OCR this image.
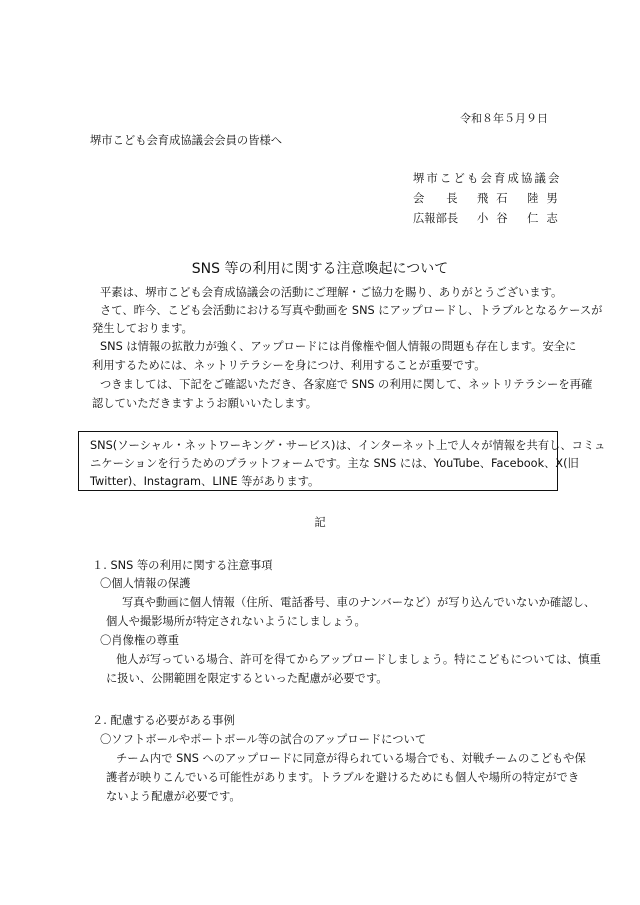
令和８年５月９日
堺市こども会育成協議会会員の皆様へ
堺市こども会育成協議会
会長飛石 陸男
広報部長 小谷 仁志
SNS 等の利用に関する注意喚起について
平素は、堺市こども会育成協議会の活動にご理解・ご協力を賜り、ありがとうございます。
さて、昨今、こども会活動における写真や動画を SNS にアップロードし、トラブルとなるケースが
発生しております。
SNS は情報の拡散力が強く、アップロードには肖像権や個人情報の問題も存在します。安全に
利用するためには、ネットリテラシーを身につけ、利用することが重要です。
つきましては、下記をご確認いただき、各家庭で SNS の利用に関して、ネットリテラシーを再確
認していただきますようお願いいたします。
SNS(ソーシャル・ネットワーキング・サービス)は、インターネット上で人々が情報を共有し、コミュ
ニケーションを行うためのプラットフォームです。主な SNS には、YouTube、Facebook、X(旧
Twitter)、Instagram、LINE 等があります。
記
１. SNS 等の利用に関する注意事項
〇個人情報の保護
写真や動画に個人情報（住所、電話番号、車のナンバーなど）が写り込んでいないか確認し、
個人や撮影場所が特定されないようにしましょう。
〇肖像権の尊重
他人が写っている場合、許可を得てからアップロードしましょう。特にこどもについては、慎重
に扱い、公開範囲を限定するといった配慮が必要です。
２. 配慮する必要がある事例
〇ソフトボールやポートボール等の試合のアップロードについて
チーム内で SNS へのアップロードに同意が得られている場合でも、対戦チームのこどもや保
護者が映りこんでいる可能性があります。トラブルを避けるためにも個人や場所の特定ができ
ないよう配慮が必要です。
